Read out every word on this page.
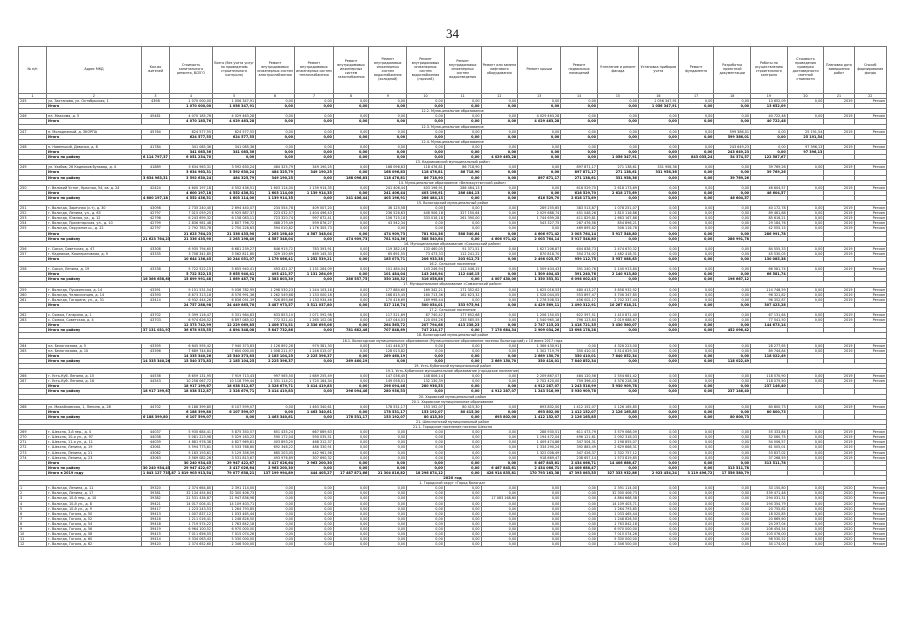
34
№ п/п	Адрес МКД	Кол-во жителей	Стоимость капитального ремонта, ВСЕГО	Всего (без учета услуг по проведению строительного контроля)	Ремонт внутридомовых инженерных систем электроснабжения	Ремонт внутридомовых инженерных систем теплоснабжения	Ремонт внутридомовых инженерных систем газоснабжения	Ремонт внутридомовых инженерных систем водоснабжения (холодной)	Ремонт внутридомовых инженерных систем водоснабжения (горячей)	Ремонт внутридомовых инженерных систем водоотведения	Ремонт или замена лифтового оборудования	Ремонт крыши	Ремонт подвальных помещений	Утепление и ремонт фасада	Установка приборов учета	Ремонт фундамента	Разработка проектной документации	Работы по осуществлению строительного контроля	Стоимость проведения проверки достоверности сметной стоимости	Плановая дата завершения работ	Способ формирования фонда
1	2	3	4	5	6	7	8	9	10	11	12	13	14	15	16	17	18	19	20	21	22
245	ул. Застанова, ул. Октябрьская, 1	4398	1 070 000,00	1 056 347,91	0,00	0,00	0,00	0,00	0,00	0,00	0,00	0,00	0,00	0,00	1 056 347,91	0,00	0,00	13 652,09	0,00	2019	Регион
	Итого		1 070 000,00	1 056 347,91	0,00	0,00	0,00	0,00	0,00	0,00	0,00	0,00	0,00	0,00	1 056 347,91	0,00	0,00	13 652,09			
12.2. Муниципальное образование																					
246	пл. Максима, д. 5	45481	4 070 185,76	4 029 463,28	0,00	0,00	0,00	0,00	0,00	0,00	0,00	4 029 463,28	0,00	0,00	0,00	0,00	0,00	40 722,48	0,00	2019	Регион
	Итого		4 070 185,76	4 029 463,28	0,00	0,00	0,00	0,00	0,00	0,00	0,00	4 029 463,28	0,00	0,00	0,00	0,00	0,00	40 722,48			
12.3. Муниципальное образование																					
247	п. Молодежный, д. ЗКОРПА	45764	624 577,55	624 577,55	0,00	0,00	0,00	0,00	0,00	0,00	0,00	0,00	0,00	0,00	0,00	0,00	599 386,01	0,00	25 191,54	2019	Регион
	Итого		624 577,55	624 577,55	0,00	0,00	0,00	0,00	0,00	0,00	0,00	0,00	0,00	0,00	0,00	0,00	599 386,01	0,00	25 191,54		
12.4. Муниципальное образование																					
248	п. Новенький, Девичья, д. 8	41784	341 085,36	341 085,36	0,00	0,00	0,00	0,00	0,00	0,00	0,00	0,00	0,00	0,00	0,00	0,00	243 649,23	0,00	97 396,13	2019	Регион
	Итого		341 085,36	341 085,36	0,00	0,00	0,00	0,00	0,00	0,00	0,00	0,00	0,00	0,00	0,00	0,00	243 649,23	0,00	97 396,13		
	Итого по району	6 114 797,37	6 051 234,70	0,00	0,00	0,00	0,00	0,00	0,00	0,00	4 029 463,28	0,00	0,00	1 056 347,91	0,00	843 035,24	54 374,57	122 587,67			
13. Кадниковский муниципальный район																					
249	ул. Ухабов, 26 Кадников бульвар, д. 4	41889	3 634 963,31	3 592 630,24	484 325,79	349 190,25	0,00	168 096,83	118 476,81	86 718,90	0,00	0,00	897 871,17	271 138,61	331 958,36	0,00	0,00	39 769,26	0,00	2019	Регион
	Итого		3 634 963,31	3 592 630,24	484 325,79	349 190,25	0,00	168 096,83	118 476,81	86 718,90	0,00	0,00	897 871,17	271 138,61	331 958,36	0,00	0,00	39 769,26			
	Итого по району	3 634 963,31	3 592 630,24	484 325,79	349 190,25	0,00	168 096,83	118 476,81	86 718,90	0,00	0,00	897 871,17	271 138,61	331 958,36	0,00	0,00	39 769,26				
14. Муниципальное образование «Великоустюгский район»																					
250	г. Великий Устюг, Красная, 54, кв. д. 24	42424	4 600 197,18	4 552 436,51	1 603 114,00	1 139 914,35	0,00	241 406,44	403 196,91	286 484,13	0,00	0,00	616 529,70	2 618 173,69	0,00	0,00	0,00	46 604,57	0,00	2019	Регион
	Итого		4 600 197,18	4 552 436,51	1 603 114,00	1 139 914,35	0,00	241 406,44	403 196,91	286 484,13	0,00	0,00	616 529,70	2 618 173,69	0,00	0,00	0,00	46 604,57			
	Итого по району	4 600 197,18	4 552 436,51	1 603 114,00	1 139 914,35	0,00	241 406,44	403 196,91	286 484,13	0,00	0,00	616 529,70	2 618 173,69	0,00	0,00	0,00	46 604,57				
15. Вологодский муниципальный район																					
251	г. Вологда, Заречная (с-т), д. 30	43098	2 735 240,40	2 694 440,07	234 554,78	409 007,20	0,00	38 125,58	0,00	0,00	0,00	289 255,65	383 513,87	1 078 251,07	0,00	0,00	0,00	40 172,78	0,00	2019	Регион
252	г. Вологда, Ленина, ул., д. 63	42797	7 015 059,25	6 925 887,37	223 032,57	1 404 496,43	0,00	236 526,63	448 906,18	327 150,64	0,00	2 029 688,74	451 048,26	1 815 116,86	0,00	0,00	0,00	89 461,88	0,00	2019	Регион
253	г. Вологда, Южная, ул., д. 12	42798	6 243 699,32	6 158 083,11	723 320,74	997 672,41	0,00	156 715,18	333 018,18	261 390,00	0,00	1 744 699,28	411 829,81	1 663 167,88	0,00	0,00	0,00	85 616,21	0,00	2019	Регион
254	г. Вологда, Пролетарская, ул., д. 10	42799	2 836 981,48	2 807 796,72	488 279,49	599 876,27	0,00	43 542,34	0,00	0,00	0,00	543 327,75	287 476,58	854 896,21	0,00	0,00	0,00	29 184,76	0,00	2019	Регион
255	г. Вологда, Окружное ш., д. 22	42797	2 792 783,78	2 750 228,63	594 010,82	1 176 305,73	0,00	0,00	0,00	0,00	0,00	0,00	469 895,62	506 116,78	0,00	0,00	0,00	42 555,15	0,00	2019	Регион
	Итого		21 623 764,23	21 336 435,90	2 263 198,40	4 587 348,04	0,00	474 909,73	781 924,36	588 540,64	0,00	4 606 971,42	2 003 764,14	5 917 548,80	0,00	0,00	0,00	286 991,78			
	Итого по району	21 623 764,23	21 336 435,90	2 263 198,40	4 587 348,04	0,00	474 909,73	781 924,36	588 540,64	0,00	4 606 971,42	2 003 764,14	5 917 548,80	0,00	0,00	0,00	286 991,78				
16. Муниципальное образование «Сокольский район»																					
256	г. Сокол, Советская, д. 47	43308	6 935 794,60	6 681 239,27	846 915,72	783 393,91	0,00	119 382,16	133 460,05	91 371,51	0,00	1 627 206,87	604 838,73	2 474 670,32	0,00	0,00	0,00	84 555,33	0,00	2019	Регион
257	г. Кадников, Кооперативная, д. 9	43335	3 708 341,85	3 562 811,80	329 150,69	469 145,30	0,00	65 691,55	73 473,33	112 241,22	0,00	870 818,70	354 274,02	1 482 418,31	0,00	0,00	0,00	45 530,05	0,00	2019	Регион
	Итого		10 644 136,45	10 244 051,07	1 176 066,41	1 252 539,21	0,00	185 073,71	206 933,38	203 612,73	0,00	2 498 025,57	959 112,75	3 957 088,63	0,00	0,00	0,00	130 085,38			
16.2. Сельское поселение																					
258	г. Сокол, Ленина, д. 19	43338	5 722 522,15	5 655 940,41	493 421,37	1 131 264,09	0,00	101 484,04	143 246,94	112 446,15	0,00	1 509 404,43	391 240,76	2 140 913,80	0,00	0,00	0,00	66 581,74	0,00	2019	Регион
	Итого		5 722 522,15	5 655 940,41	493 421,37	1 131 264,09	0,00	101 484,04	143 246,94	112 446,15	0,00	1 509 404,43	391 240,76	2 140 913,80	0,00	0,00	0,00	66 581,74			
	Итого по району	16 366 658,60	15 899 991,48	1 669 487,78	2 383 803,30	0,00	286 557,75	350 180,32	316 058,88	0,00	4 007 430,00	1 350 353,51	6 098 002,43	0,00	0,00	0,00	196 667,12				
17. Муниципальное образование «Сямженский район»																					
259	г. Вологда, Пушкинская, д. 14	43391	9 151 531,54	9 036 782,95	1 298 530,23	1 244 103,16	0,00	177 884,60	169 342,21	171 352,62	0,00	1 625 016,53	480 413,27	3 858 932,92	0,00	0,00	0,00	114 748,59	0,00	2019	Регион
260	г. Вологда, Челюскинцев, д. 14	43390	8 673 313,18	8 576 991,36	1 262 549,68	1 133 000,18	0,00	168 815,45	160 713,36	162 623,32	0,00	1 528 044,05	553 897,47	3 706 347,85	0,00	0,00	0,00	96 321,82	0,00	2019	Регион
261	г. Вологда, Гагарина, ул., д. 31	43414	6 932 444,26	6 836 091,39	926 893,66	1 133 934,46	0,00	170 416,69	169 998,44	0,00	0,00	1 276 508,53	456 002,17	2 702 337,44	0,00	0,00	0,00	96 352,87	0,00	2019	Регион
	Итого		24 757 288,98	24 449 865,70	3 487 973,57	3 511 037,80	0,00	517 116,74	500 054,01	333 975,94	0,00	4 429 569,11	1 490 312,91	10 267 618,21	0,00	0,00	0,00	307 423,28			
17.2. Сельское поселение																					
262	с. Сямжа, Гагарина, д. 1	43702	5 399 116,47	5 331 984,83	633 853,10	1 071 592,98	0,00	117 521,69	87 740,42	177 652,68	0,00	1 206 150,05	622 597,51	1 410 871,40	0,00	0,00	0,00	67 131,64	0,00	2019	Регион
263	с. Сямжа, Советская, д. 4	43703	6 974 626,52	6 897 085,02	772 521,41	1 265 102,08	0,00	147 044,03	120 054,26	235 585,55	0,00	1 540 965,18	796 123,84	2 019 688,67	0,00	0,00	0,00	77 541,50	0,00	2019	Регион
	Итого		12 373 742,99	12 229 069,85	1 406 374,51	2 336 695,06	0,00	264 565,72	207 794,68	413 238,23	0,00	2 747 115,23	1 418 721,35	3 430 560,07	0,00	0,00	0,00	144 673,14			
	Итого по району	37 131 031,97	36 678 935,55	4 894 348,08	5 847 732,86	0,00	781 682,46	707 848,69	747 214,17	0,00	7 176 684,34	2 909 034,26	13 698 178,28	0,00	0,00	0,00	452 096,42				
18. Вологодский муниципальный район																					
18.1. Вологодское муниципальное образование (Муниципальное образование поселок Вологодский) с 10 июня 2017 года																					
264	пл. Белоглазова, д. 5	43395	6 645 595,42	7 940 373,83	1 126 892,28	979 381,30	0,00	141 446,37	0,00	0,00	0,00	1 366 430,91	0,00	4 326 223,00	0,00	0,00	0,00	28 277,65	0,00	2019	Регион
265	пл. Белоглазова, д. 10	43396	7 689 744,84	7 600 000,00	1 058 211,97	1 246 015,07	0,00	128 013,82	0,00	0,00	0,00	1 302 719,79	350 410,01	3 514 629,34	0,00	0,00	0,00	89 744,84	0,00	2019	Регион
	Итого		14 335 340,26	15 540 373,83	2 185 104,25	2 225 396,37	0,00	269 460,19	0,00	0,00	0,00	2 669 150,70	350 410,01	7 840 852,34	0,00	0,00	0,00	118 022,49			
	Итого по району	14 335 340,26	15 540 373,83	2 185 104,25	2 225 396,37	0,00	269 460,19	0,00	0,00	0,00	2 669 150,70	350 410,01	7 840 852,34	0,00	0,00	0,00	118 022,49				
19. Усть-Кубинский муниципальный район																					
19.1. Усть-Кубинское муниципальное образование (городское поселение)																					
266	г. Усть-Куб. Ленина, д. 15	44536	8 659 131,95	7 919 713,43	997 565,50	1 689 255,49	0,00	147 036,45	148 806,14	0,00	0,00	2 209 867,07	484 120,56	2 554 681,42	0,00	0,00	0,00	118 570,90	0,00	2019	Регион
267	г. Усть-Куб. Ленина, д. 16	44543	10 258 067,72	10 118 799,44	1 331 114,21	1 725 164,34	0,00	149 058,01	132 130,39	0,00	0,00	2 702 420,00	759 396,43	3 376 228,36	0,00	0,00	0,00	118 575,50	0,00	2019	Регион
	Итого		18 917 199,67	18 038 512,87	2 328 679,71	3 414 419,83	0,00	296 094,46	280 936,53	0,00	0,00	4 912 287,07	1 243 516,99	5 930 909,78	0,00	0,00	0,00	237 146,40			
	Итого по району	18 917 199,67	18 038 512,87	2 328 679,71	3 414 419,83	0,00	296 094,46	280 936,53	0,00	0,00	4 912 287,07	1 243 516,99	5 930 909,78	0,00	0,00	0,00	237 146,40				
20. Харовский муниципальный район																					
20.1. Харовское муниципальное образование																					
268	ул. Михайловская, 1, Ленина, д. 28	44702	6 188 399,80	6 107 599,07	0,00	1 463 340,61	0,00	178 531,17	153 192,07	80 415,30	0,00	693 802,00	1 412 152,07	2 126 165,85	0,00	0,00	0,00	80 800,73	0,00	2019	Регион
	Итого		6 188 399,80	6 107 599,07	0,00	1 463 340,61	0,00	178 531,17	153 192,07	80 415,30	0,00	693 802,00	1 412 152,07	2 126 165,85	0,00	0,00	0,00	80 800,73			
	Итого по району	6 188 399,80	6 107 599,07	0,00	1 463 340,61	0,00	178 531,17	153 192,07	80 415,30	0,00	693 802,00	1 412 152,07	2 126 165,85	0,00	0,00	0,00	80 800,73				
21. Шекснинский муниципальный район																					
21.1. Городское поселение поселок Шексна																					
269	г. Шексна, 3-й пер., д. 4	44037	5 930 684,41	5 875 350,57	651 435,24	667 869,63	0,00	0,00	0,00	0,00	0,00	288 930,51	611 473,79	3 579 068,09	0,00	0,00	0,00	55 333,84	0,00	2019	Регион
270	г. Шексна, 10-я ул., д. 97	44038	5 081 223,98	5 029 163,23	590 172,04	590 035,51	0,00	0,00	0,00	0,00	0,00	1 194 472,04	496 121,61	2 092 318,03	0,00	0,00	0,00	52 060,75	0,00	2019	Регион
271	г. Шексна, 11-я ул., д. 11	44039	4 881 976,38	4 827 969,81	403 893,20	468 312,37	0,00	0,00	0,00	0,00	0,00	1 409 474,86	347 504,31	2 198 855,07	0,00	0,00	0,00	54 006,57	0,00	2019	Регион
272	г. Шексна, Ленина, д. 19	43061	5 594 773,81	5 533 768,80	692 346,22	486 330,91	0,00	0,00	0,00	0,00	0,00	1 334 290,24	392 883,49	2 629 868,31	0,00	0,00	0,00	61 005,01	0,00	2019	Регион
273	г. Шексна, Ленина, д. 21	43062	5 183 193,61	5 129 356,59	685 203,05	442 961,56	0,00	0,00	0,00	0,00	0,00	1 322 008,49	347 426,37	2 332 757,12	0,00	0,00	0,00	53 837,02	0,00	2019	Регион
274	г. Шексна, Ленина, д. 23	43063	3 569 082,26	3 531 813,67	493 976,89	307 690,32	0,00	0,00	0,00	0,00	0,00	918 669,47	238 657,14	1 573 819,85	0,00	0,00	0,00	37 268,59	0,00	2019	Регион
	Итого		30 240 934,45	29 947 422,67	3 417 026,64	2 963 200,30	0,00	0,00	0,00	0,00	0,00	6 467 845,61	2 434 066,71	14 406 686,47	0,00	0,00	0,00	313 511,78			
	Итого по району	30 240 934,45	29 947 422,67	3 417 026,64	2 963 200,30	0,00	0,00	0,00	0,00	0,00	6 467 845,61	2 434 066,71	14 406 686,47	0,00	0,00	0,00	313 511,78				
	Итого в 2019 году	1 843 127 735,87	1 819 903 913,54	79 077 638,21	137 199 994,89	444 405,27	17 487 871,66	21 304 816,82	18 296 874,12	0,00	428 914 835,81	170 793 163,38	47 393 063,55	327 333 932,86	2 923 454,24	3 119 496,72	17 556 580,79				
2020 год																					
1. Городской округ «Город Вологда»																					
1	г. Вологда, Ленина, д. 11	39320	2 374 664,80	2 391 114,00	0,00	0,00	0,00	0,00	0,00	0,00	0,00	0,00	0,00	2 391 114,00	0,00	0,00	0,00	33 150,80	0,00	2020	Регион
2	г. Вологда, Ленина, д. 17	39381	32 134 454,84	32 300 406,73	0,00	0,00	0,00	0,00	0,00	0,00	0,00	0,00	0,00	32 300 406,73	0,00	0,00	0,00	339 471,48	0,00	2020	Регион
3	г. Вологда, 10-й пер., д. 10	39382	21 531 436,87	21 947 836,98	0,00	0,00	0,00	0,00	0,00	0,00	17 083 168,60	0,00	0,00	4 864 668,38	0,00	0,00	0,00	294 031,31	0,00	2020	Регион
4	г. Вологда, 10-й ул., д. 8	39421	14 017 004,41	14 109 403,71	0,00	0,00	0,00	0,00	0,00	0,00	0,00	0,00	0,00	14 109 403,71	0,00	0,00	0,00	194 354,79	0,00	2020	Регион
5	г. Вологда, 10-й ул., д. 9	39417	1 223 243,53	1 264 793,85	0,00	0,00	0,00	0,00	0,00	0,00	0,00	0,00	0,00	1 264 793,85	0,00	0,00	0,00	20 755,62	0,00	2020	Регион
6	г. Вологда, Гоголя, д. 50	39413	1 007 837,12	1 033 465,44	0,00	0,00	0,00	0,00	0,00	0,00	0,00	0,00	0,00	1 033 465,44	0,00	0,00	0,00	18 020,85	0,00	2020	Регион
7	г. Вологда, Гоголя, д. 52	39416	1 211 016,41	1 248 826,50	0,00	0,00	0,00	0,00	0,00	0,00	0,00	0,00	0,00	1 248 826,50	0,00	0,00	0,00	20 669,60	0,00	2020	Регион
8	г. Вологда, Гоголя, д. 54	39418	1 719 574,22	1 763 842,18	0,00	0,00	0,00	0,00	0,00	0,00	0,00	0,00	0,00	1 763 842,18	0,00	0,00	0,00	24 297,04	0,00	2020	Регион
9	г. Вологда, Гоголя, д. 56	39419	6 964 100,52	6 970 000,00	0,00	0,00	0,00	0,00	0,00	0,00	0,00	0,00	0,00	6 970 000,00	0,00	0,00	0,00	106 454,54	0,00	2020	Регион
10	г. Вологда, Гоголя, д. 58	39415	7 011 656,55	7 015 074,26	0,00	0,00	0,00	0,00	0,00	0,00	0,00	0,00	0,00	7 015 074,26	0,00	0,00	0,00	103 076,00	0,00	2020	Регион
11	г. Вологда, Гоголя, д. 60	39414	5 334 063,43	5 330 000,00	0,00	0,00	0,00	0,00	0,00	0,00	0,00	0,00	0,00	5 330 000,00	0,00	0,00	0,00	98 530,52	0,00	2020	Регион
12	г. Вологда, Гоголя, д. 62	39420	2 374 652,60	2 346 500,00	0,00	0,00	0,00	0,00	0,00	0,00	0,00	0,00	0,00	2 346 500,00	0,00	0,00	0,00	34 174,00	0,00	2020	Регион
